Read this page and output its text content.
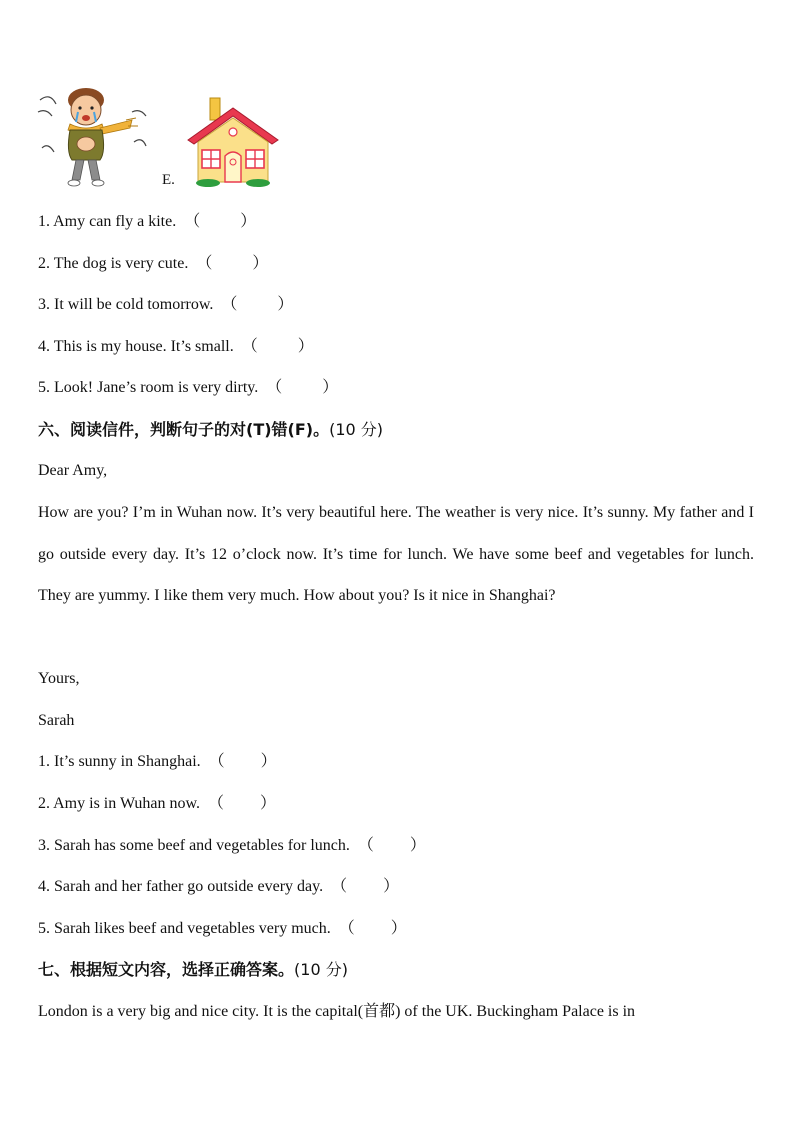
E.
1. Amy can fly a kite.  （          ）
2. The dog is very cute.  （          ）
3. It will be cold tomorrow.  （          ）
4. This is my house. It’s small.  （          ）
5. Look! Jane’s room is very dirty.  （          ）
六、阅读信件，判断句子的对(T)错(F)。(10 分)
Dear Amy,
How are you? I’m in Wuhan now. It’s very beautiful here. The weather is very nice. It’s sunny. My father and I go outside every day. It’s 12 o’clock now. It’s time for lunch. We have some beef and vegetables for lunch. They are yummy. I like them very much. How about you? Is it nice in Shanghai?
Yours,
Sarah
1. It’s sunny in Shanghai.  （         ）
2. Amy is in Wuhan now.  （         ）
3. Sarah has some beef and vegetables for lunch.  （         ）
4. Sarah and her father go outside every day.  （         ）
5. Sarah likes beef and vegetables very much.  （         ）
七、根据短文内容，选择正确答案。(10 分)
London is a very big and nice city. It is the capital(首都) of the UK. Buckingham Palace is in
